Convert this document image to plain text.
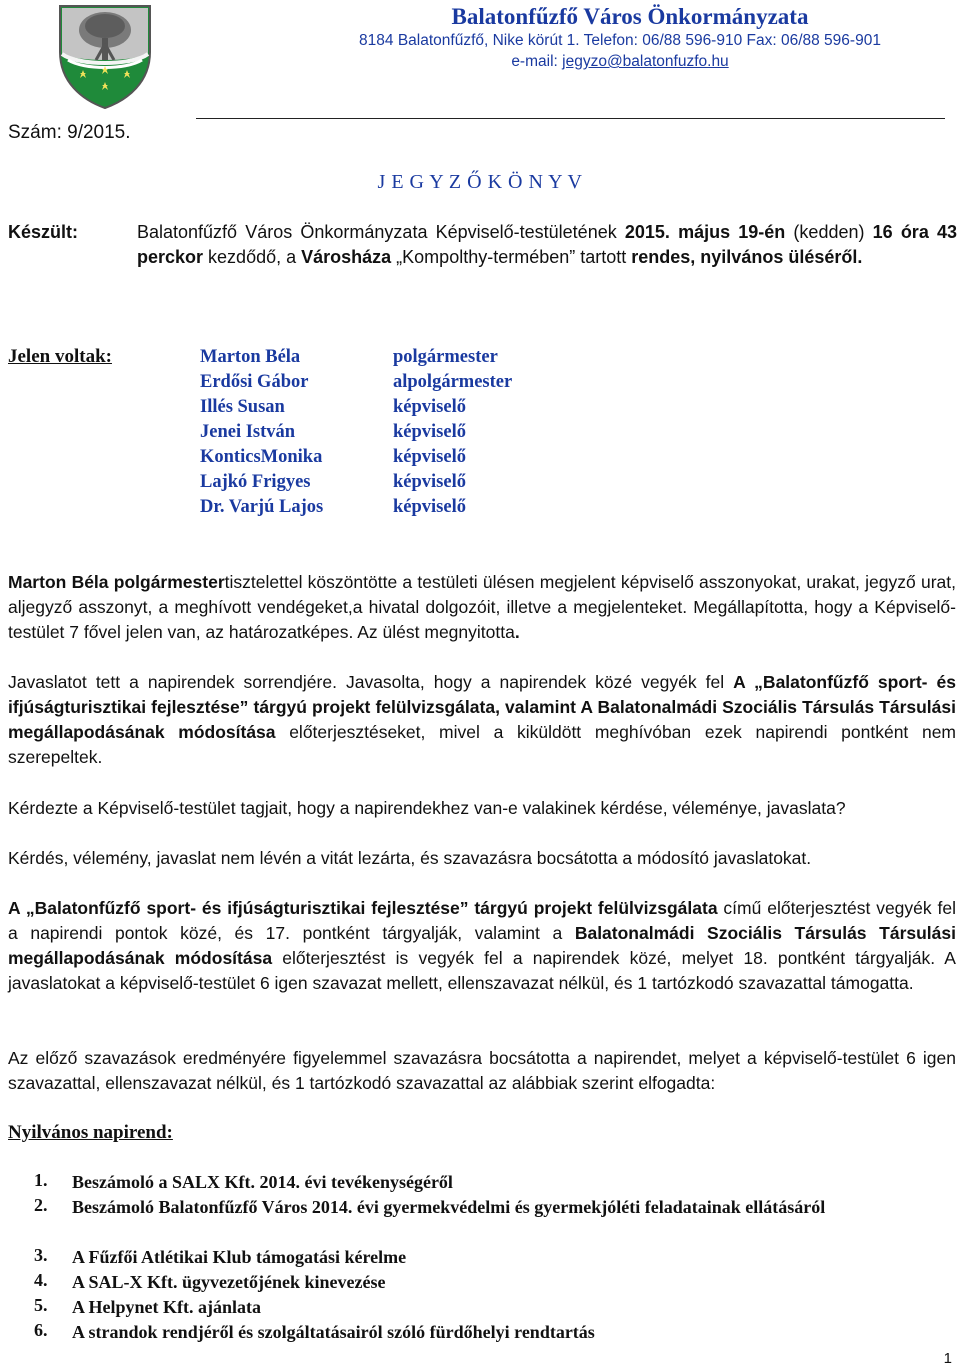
Balatonfűzfő Város Önkormányzata
8184 Balatonfűzfő, Nike körút 1. Telefon: 06/88 596-910 Fax: 06/88 596-901
e-mail: jegyzo@balatonfuzfo.hu
Szám: 9/2015.
J E G Y Z Ő K Ö N Y V
Készült:	Balatonfűzfő Város Önkormányzata Képviselő-testületének 2015. május 19-én (kedden) 16 óra 43 perckor kezdődő, a Városháza „Kompolthy-termében” tartott rendes, nyilvános üléséről.
Jelen voltak:	Marton Béla
Erdősi Gábor
Illés Susan
Jenei István
KonticsMonika
Lajkó Frigyes
Dr. Varjú Lajos
polgármester
alpolgármester
képviselő
képviselő
képviselő
képviselő
képviselő
Marton Béla polgármestertisztelettel köszöntötte a testületi ülésen megjelent képviselő asszonyokat, urakat, jegyző urat, aljegyző asszonyt, a meghívott vendégeket,a hivatal dolgozóit, illetve a megjelenteket. Megállapította, hogy a Képviselő-testület 7 fővel jelen van, az határozatképes. Az ülést megnyitotta.
Javaslatot tett a napirendek sorrendjére. Javasolta, hogy a napirendek közé vegyék fel A „Balatonfűzfő sport- és ifjúságturisztikai fejlesztése” tárgyú projekt felülvizsgálata, valamint A Balatonalmádi Szociális Társulás Társulási megállapodásának módosítása előterjesztéseket, mivel a kiküldött meghívóban ezek napirendi pontként nem szerepeltek.
Kérdezte a Képviselő-testület tagjait, hogy a napirendekhez van-e valakinek kérdése, véleménye, javaslata?
Kérdés, vélemény, javaslat nem lévén a vitát lezárta, és szavazásra bocsátotta a módosító javaslatokat.
A „Balatonfűzfő sport- és ifjúságturisztikai fejlesztése” tárgyú projekt felülvizsgálata című előterjesztést vegyék fel a napirendi pontok közé, és 17. pontként tárgyalják, valamint a Balatonalmádi Szociális Társulás Társulási megállapodásának módosítása előterjesztést is vegyék fel a napirendek közé, melyet 18. pontként tárgyalják. A javaslatokat a képviselő-testület 6 igen szavazat mellett, ellenszavazat nélkül, és 1 tartózkodó szavazattal támogatta.
Az előző szavazások eredményére figyelemmel szavazásra bocsátotta a napirendet, melyet a képviselő-testület 6 igen szavazattal, ellenszavazat nélkül, és 1 tartózkodó szavazattal az alábbiak szerint elfogadta:
Nyilvános napirend:
1. Beszámoló a SALX Kft. 2014. évi tevékenységéről
2. Beszámoló Balatonfűzfő Város 2014. évi gyermekvédelmi és gyermekjóléti feladatainak ellátásáról
3. A Fűzfői Atlétikai Klub támogatási kérelme
4. A SAL-X Kft. ügyvezetőjének kinevezése
5. A Helpynet Kft. ajánlata
6. A strandok rendjéről és szolgáltatásairól szóló fürdőhelyi rendtartás
1
